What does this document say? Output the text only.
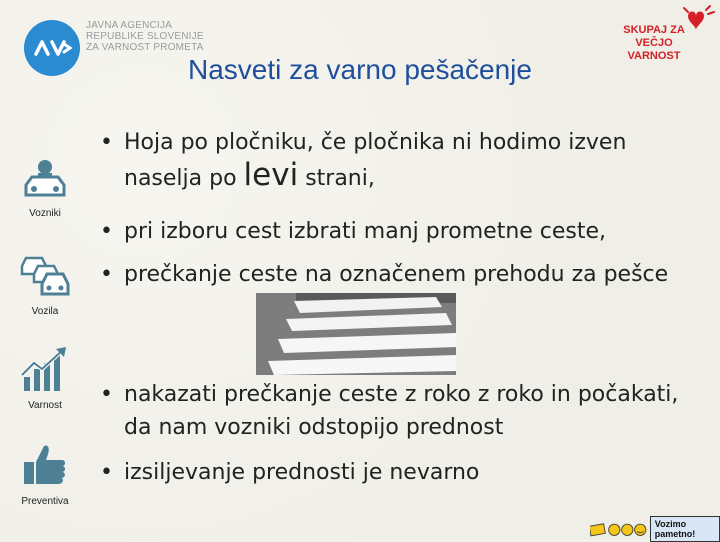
JAVNA AGENCIJA
REPUBLIKE SLOVENIJE
ZA VARNOST PROMETA
Nasveti za varno pešačenje
SKUPAJ ZA
VEČJO VARNOST
Vozniki
Vozila
Varnost
Preventiva
• Hoja po pločniku, če pločnika ni hodimo izven naselja po levi strani,
• pri izboru cest izbrati manj prometne ceste,
• prečkanje ceste na označenem prehodu za pešce
• nakazati prečkanje ceste z roko z roko in počakati, da nam vozniki odstopijo prednost
• izsiljevanje prednosti je nevarno
Vozimo pametno!
